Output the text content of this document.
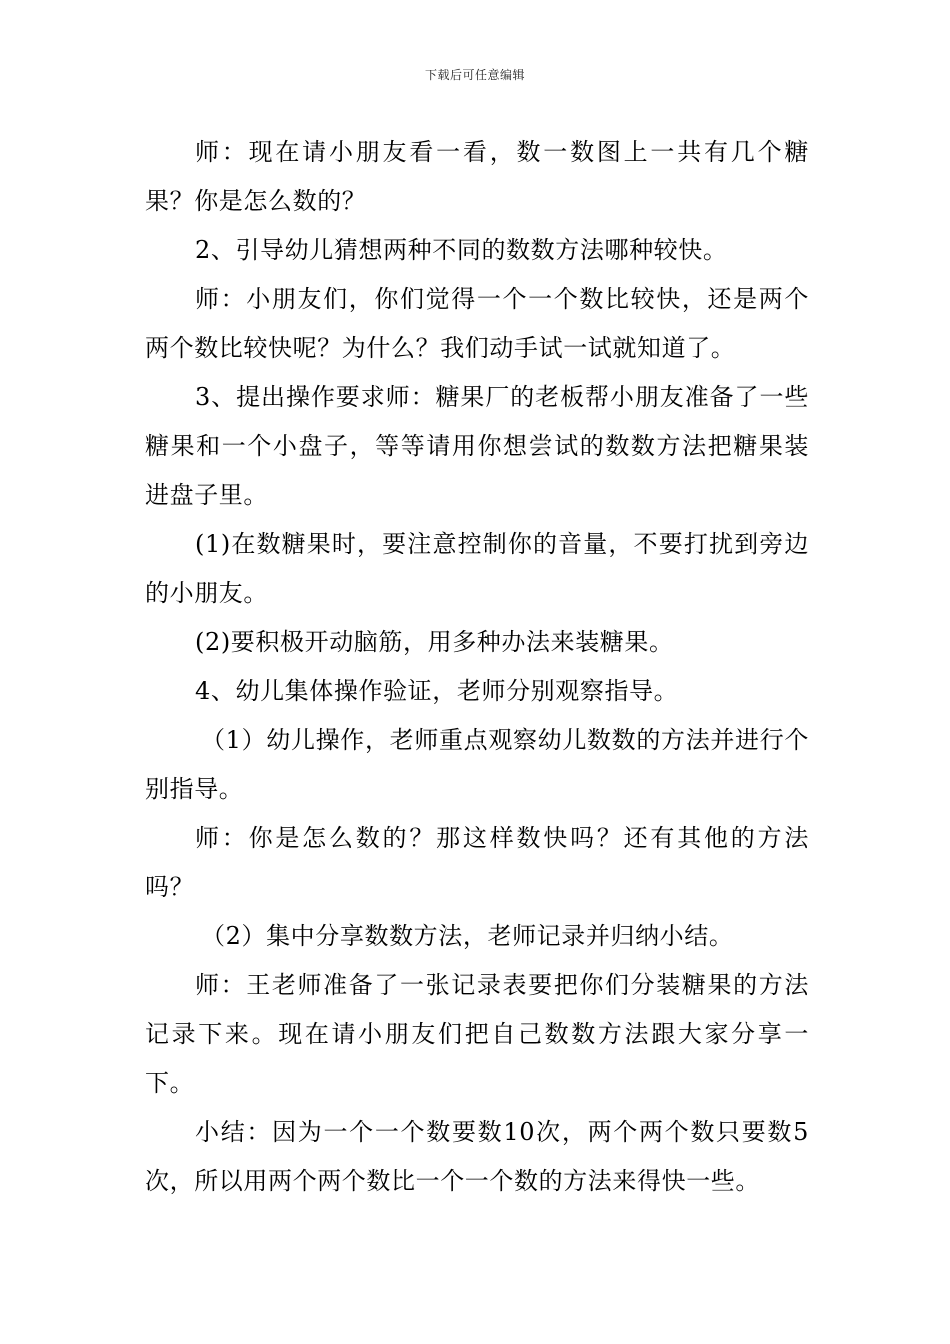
下载后可任意编辑

师：现在请小朋友看一看，数一数图上一共有几个糖果？你是怎么数的？

2、引导幼儿猜想两种不同的数数方法哪种较快。

师：小朋友们，你们觉得一个一个数比较快，还是两个两个数比较快呢？为什么？我们动手试一试就知道了。

3、提出操作要求师：糖果厂的老板帮小朋友准备了一些糖果和一个小盘子，等等请用你想尝试的数数方法把糖果装进盘子里。

(1)在数糖果时，要注意控制你的音量，不要打扰到旁边的小朋友。

(2)要积极开动脑筋，用多种办法来装糖果。

4、幼儿集体操作验证，老师分别观察指导。

（1）幼儿操作，老师重点观察幼儿数数的方法并进行个别指导。

师：你是怎么数的？那这样数快吗？还有其他的方法吗？

（2）集中分享数数方法，老师记录并归纳小结。

师：王老师准备了一张记录表要把你们分装糖果的方法记录下来。现在请小朋友们把自己数数方法跟大家分享一下。

小结：因为一个一个数要数10次，两个两个数只要数5次，所以用两个两个数比一个一个数的方法来得快一些。
